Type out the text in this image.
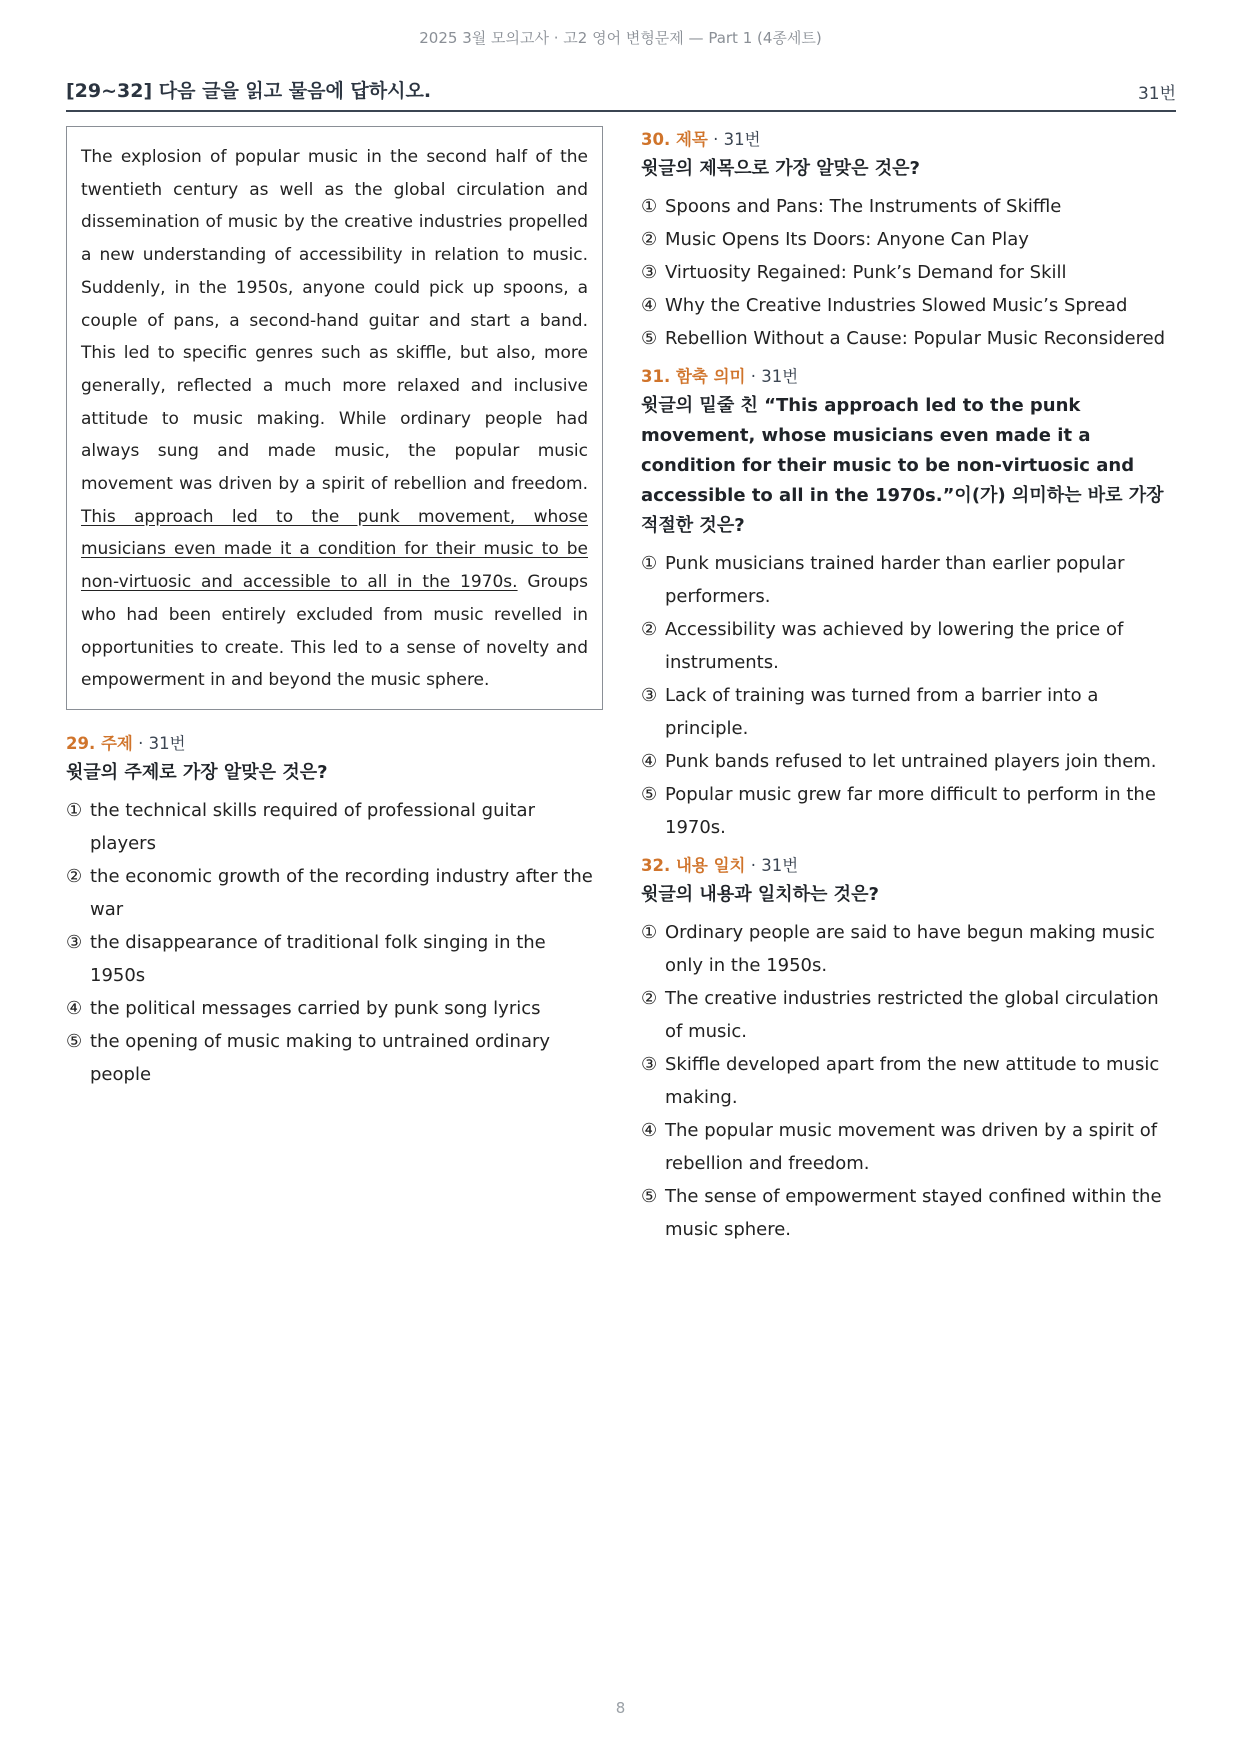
2025 3월 모의고사 · 고2 영어 변형문제 — Part 1 (4종세트)
[29~32] 다음 글을 읽고 물음에 답하시오.	31번
The explosion of popular music in the second half of the twentieth century as well as the global circulation and dissemination of music by the creative industries propelled a new understanding of accessibility in relation to music. Suddenly, in the 1950s, anyone could pick up spoons, a couple of pans, a second-hand guitar and start a band. This led to specific genres such as skiffle, but also, more generally, reflected a much more relaxed and inclusive attitude to music making. While ordinary people had always sung and made music, the popular music movement was driven by a spirit of rebellion and freedom. This approach led to the punk movement, whose musicians even made it a condition for their music to be non-virtuosic and accessible to all in the 1970s. Groups who had been entirely excluded from music revelled in opportunities to create. This led to a sense of novelty and empowerment in and beyond the music sphere.
29. 주제 · 31번
윗글의 주제로 가장 알맞은 것은?
① the technical skills required of professional guitar players
② the economic growth of the recording industry after the war
③ the disappearance of traditional folk singing in the 1950s
④ the political messages carried by punk song lyrics
⑤ the opening of music making to untrained ordinary people
30. 제목 · 31번
윗글의 제목으로 가장 알맞은 것은?
① Spoons and Pans: The Instruments of Skiffle
② Music Opens Its Doors: Anyone Can Play
③ Virtuosity Regained: Punk’s Demand for Skill
④ Why the Creative Industries Slowed Music’s Spread
⑤ Rebellion Without a Cause: Popular Music Reconsidered
31. 함축 의미 · 31번
윗글의 밑줄 친 “This approach led to the punk movement, whose musicians even made it a condition for their music to be non-virtuosic and accessible to all in the 1970s.”이(가) 의미하는 바로 가장 적절한 것은?
① Punk musicians trained harder than earlier popular performers.
② Accessibility was achieved by lowering the price of instruments.
③ Lack of training was turned from a barrier into a principle.
④ Punk bands refused to let untrained players join them.
⑤ Popular music grew far more difficult to perform in the 1970s.
32. 내용 일치 · 31번
윗글의 내용과 일치하는 것은?
① Ordinary people are said to have begun making music only in the 1950s.
② The creative industries restricted the global circulation of music.
③ Skiffle developed apart from the new attitude to music making.
④ The popular music movement was driven by a spirit of rebellion and freedom.
⑤ The sense of empowerment stayed confined within the music sphere.
8
